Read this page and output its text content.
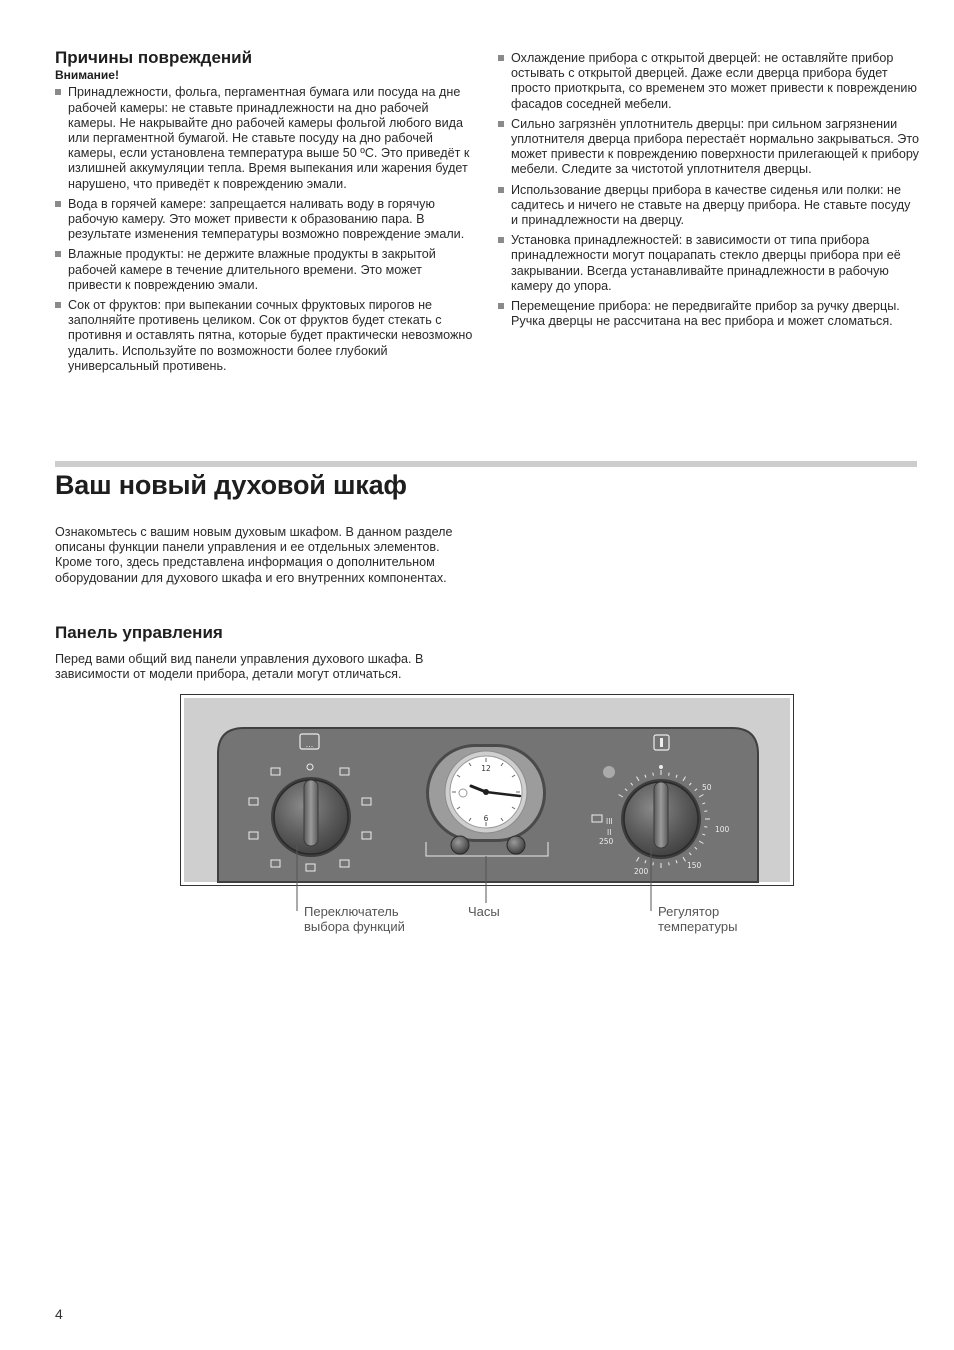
Причины повреждений
Внимание!
Принадлежности, фольга, пергаментная бумага или посуда на дне рабочей камеры: не ставьте принадлежности на дно рабочей камеры. Не накрывайте дно рабочей камеры фольгой любого вида или пергаментной бумагой. Не ставьте посуду на дно рабочей камеры, если установлена температура выше 50 ºC. Это приведёт к излишней аккумуляции тепла. Время выпекания или жарения будет нарушено, что приведёт к повреждению эмали.
Вода в горячей камере: запрещается наливать воду в горячую рабочую камеру. Это может привести к образованию пара. В результате изменения температуры возможно повреждение эмали.
Влажные продукты: не держите влажные продукты в закрытой рабочей камере в течение длительного времени. Это может привести к повреждению эмали.
Сок от фруктов: при выпекании сочных фруктовых пирогов не заполняйте противень целиком. Сок от фруктов будет стекать с противня и оставлять пятна, которые будет практически невозможно удалить. Используйте по возможности более глубокий универсальный противень.
Охлаждение прибора с открытой дверцей: не оставляйте прибор остывать с открытой дверцей. Даже если дверца прибора будет просто приоткрыта, со временем это может привести к повреждению фасадов соседней мебели.
Сильно загрязнён уплотнитель дверцы: при сильном загрязнении уплотнителя дверца прибора перестаёт нормально закрываться. Это может привести к повреждению поверхности прилегающей к прибору мебели. Следите за чистотой уплотнителя дверцы.
Использование дверцы прибора в качестве сиденья или полки: не садитесь и ничего не ставьте на дверцу прибора. Не ставьте посуду и принадлежности на дверцу.
Установка принадлежностей: в зависимости от типа прибора принадлежности могут поцарапать стекло дверцы прибора при её закрывании. Всегда устанавливайте принадлежности в рабочую камеру до упора.
Перемещение прибора: не передвигайте прибор за ручку дверцы. Ручка дверцы не рассчитана на вес прибора и может сломаться.
Ваш новый духовой шкаф

Ознакомьтесь с вашим новым духовым шкафом. В данном разделе описаны функции панели управления и ее отдельных элементов. Кроме того, здесь представлена информация о дополнительном оборудовании для духового шкафа и его внутренних компонентах.

Панель управления

Перед вами общий вид панели управления духового шкафа. В зависимости от модели прибора, детали могут отличаться.

...
12
6
50
100
150
200
250
III
II
Переключатель
выбора функций
Часы	Регулятор
температуры
4
